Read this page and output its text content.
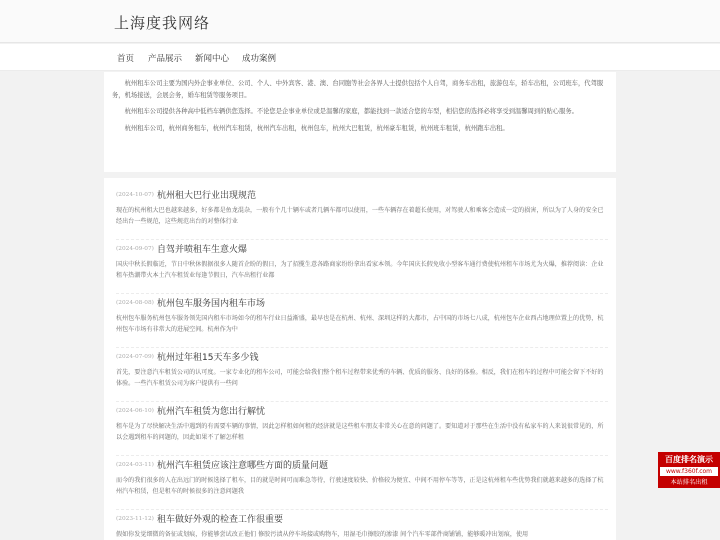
上海度我网络
首页 产品展示 新闻中心 成功案例

杭州租车公司主要为国内外企事业单位、公司、个人、中外宾客、港、澳、台同胞等社会各界人士提供包括个人自驾，商务车出租，旅游包车，轿车出租，公司班车，代驾服务，机场接送，会展会务，婚车租赁等服务项目。

杭州租车公司提供各种高中低档车辆供您选择。不论您是企事业单位或是温馨的家庭，都能找到一款适合您的车型，相信您的选择必将享受到温馨周到的贴心服务。

杭州租车公司，杭州商务租车，杭州汽车租赁，杭州汽车出租，杭州包车，杭州大巴租赁，杭州豪车租赁，杭州班车租赁，杭州跑车出租。

(2024-10-07) 杭州租大巴行业出现规范
现在的杭州租大巴也越来越多，好多都是鱼龙混杂，一般有个几十辆车或者几辆车都可以使用，一些车辆存在着超长使用，对驾驶人和乘客会造成一定的损害，所以为了人身的安全已经出台一些规范，这些规范出台的对整体行业
(2024-09-07) 自驾并喷租车生意火爆
国庆中秋长假临近，节日中秋休假据很多人随首企盼的假日，为了招揽生意各路商家纷纷拿出看家本领。今年国庆长假免收小型客车通行费使杭州租车市场尤为火爆，推荐阅读：企业租车热潮带火本土汽车租赁业每逢节假日，汽车出租行业都
(2024-08-08) 杭州包车服务国内租车市场
杭州包车服务杭州包车服务领先国内租车市场如今的租车行业日益渐盛，最早也是在杭州、杭州、深圳这样的大都市，占中国的市场七八成，杭州包车企业西占地理位置上的优势，杭州包车市场有非常大的进展空间。杭州作为中
(2024-07-09) 杭州过年租15天车多少钱
首先，要注意汽车租赁公司的认可度。一家专业化的租车公司，可能会给我们整个租车过程带来优秀的车辆、优质的服务、良好的体验。相反，我们在租车的过程中可能会留下不好的体验。一些汽车租赁公司为客户提供有一些问
(2024-06-10) 杭州汽车租赁为您出行解忧
租车是为了尽快解决生活中遇到的有需要车辆的事情，因此怎样租如何租的经济就是这些租车朋友非常关心在意的问题了。要知道对于那些在生活中没有私家车的人来说很常见的，所以会遇到租车的问题的，因此如果不了解怎样租
(2024-03-11) 杭州汽车租赁应该注意哪些方面的质量问题
而今的我们很多的人在出远门的时候选择了租车，目的就是时间可而难急等待，行驶速度较快、价格较为便宜、中间不用停车等等，正是这杭州租车些优势我们就越来越多的选择了杭州汽车租赁，但是租车的时候很多的注意问题我
(2023-11-12) 租车做好外观的检查工作很重要
假如你发觉细微的备征或划痕，你能够尝试改正他们 修胶污渍从停车场接或购物车，用湿毛巾擦胶的渗漆 间个汽车零部件商铺铺，能够暖冲出划痕，使用
百度排名演示
www.f360f.com
本站排名出租
